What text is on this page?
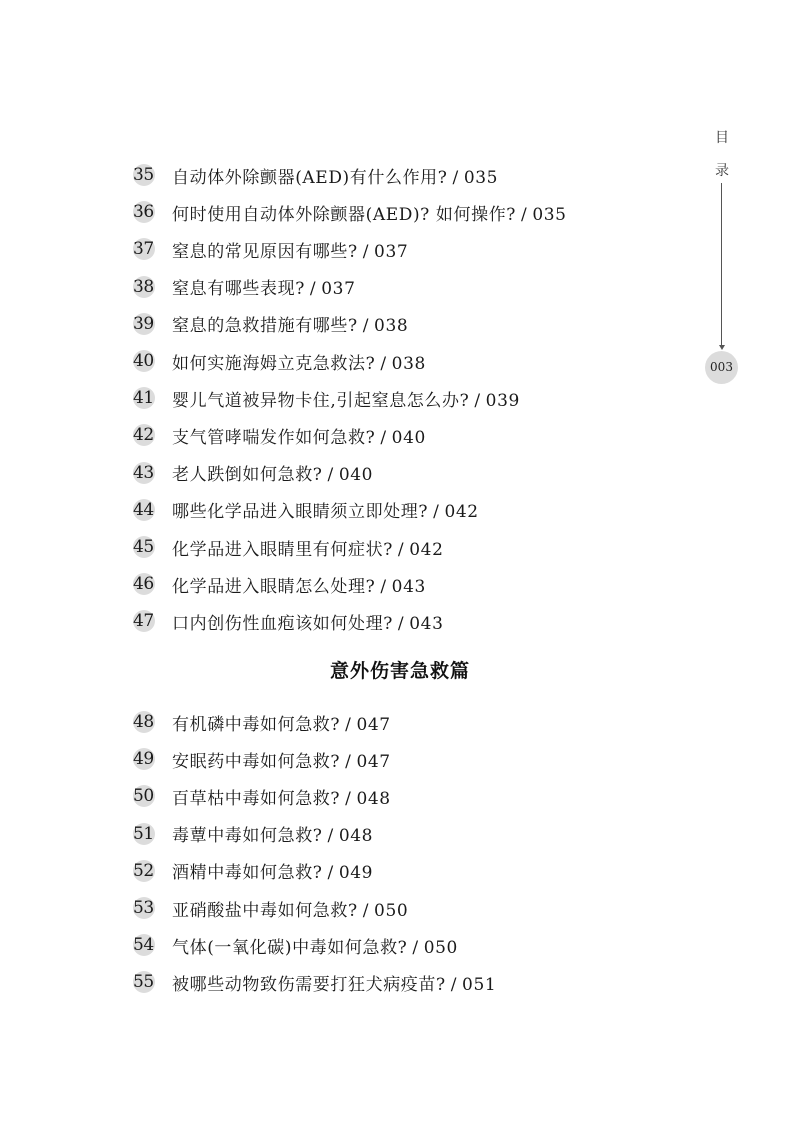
35 自动体外除颤器(AED)有什么作用? / 035
36 何时使用自动体外除颤器(AED)? 如何操作? / 035
37 窒息的常见原因有哪些? / 037
38 窒息有哪些表现? / 037
39 窒息的急救措施有哪些? / 038
40 如何实施海姆立克急救法? / 038
41 婴儿气道被异物卡住,引起窒息怎么办? / 039
42 支气管哮喘发作如何急救? / 040
43 老人跌倒如何急救? / 040
44 哪些化学品进入眼睛须立即处理? / 042
45 化学品进入眼睛里有何症状? / 042
46 化学品进入眼睛怎么处理? / 043
47 口内创伤性血疱该如何处理? / 043
意外伤害急救篇
48 有机磷中毒如何急救? / 047
49 安眠药中毒如何急救? / 047
50 百草枯中毒如何急救? / 048
51 毒蕈中毒如何急救? / 048
52 酒精中毒如何急救? / 049
53 亚硝酸盐中毒如何急救? / 050
54 气体(一氧化碳)中毒如何急救? / 050
55 被哪些动物致伤需要打狂犬病疫苗? / 051
目
录
003
